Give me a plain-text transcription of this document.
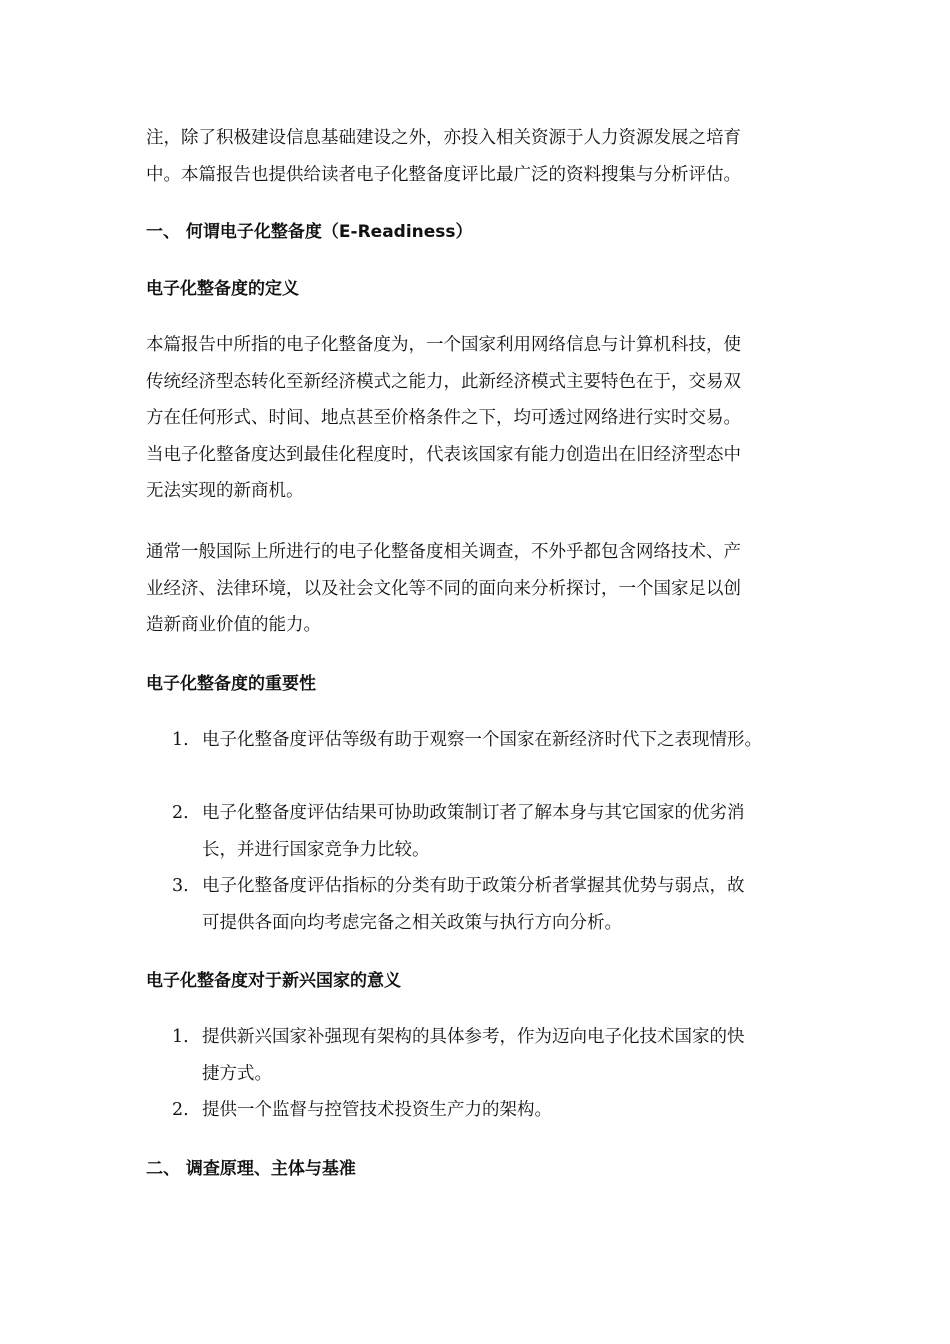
注，除了积极建设信息基础建设之外，亦投入相关资源于人力资源发展之培育

中。本篇报告也提供给读者电子化整备度评比最广泛的资料搜集与分析评估。

一、 何谓电子化整备度（E-Readiness）
电子化整备度的定义

本篇报告中所指的电子化整备度为，一个国家利用网络信息与计算机科技，使

传统经济型态转化至新经济模式之能力，此新经济模式主要特色在于，交易双

方在任何形式、时间、地点甚至价格条件之下，均可透过网络进行实时交易。

当电子化整备度达到最佳化程度时，代表该国家有能力创造出在旧经济型态中

无法实现的新商机。

通常一般国际上所进行的电子化整备度相关调查，不外乎都包含网络技术、产

业经济、法律环境，以及社会文化等不同的面向来分析探讨，一个国家足以创

造新商业价值的能力。

电子化整备度的重要性
1. 电子化整备度评估等级有助于观察一个国家在新经济时代下之表现情形。

2. 电子化整备度评估结果可协助政策制订者了解本身与其它国家的优劣消

长，并进行国家竞争力比较。

3. 电子化整备度评估指标的分类有助于政策分析者掌握其优势与弱点，故

可提供各面向均考虑完备之相关政策与执行方向分析。

电子化整备度对于新兴国家的意义
1. 提供新兴国家补强现有架构的具体参考，作为迈向电子化技术国家的快

捷方式。

2. 提供一个监督与控管技术投资生产力的架构。

二、 调查原理、主体与基准
